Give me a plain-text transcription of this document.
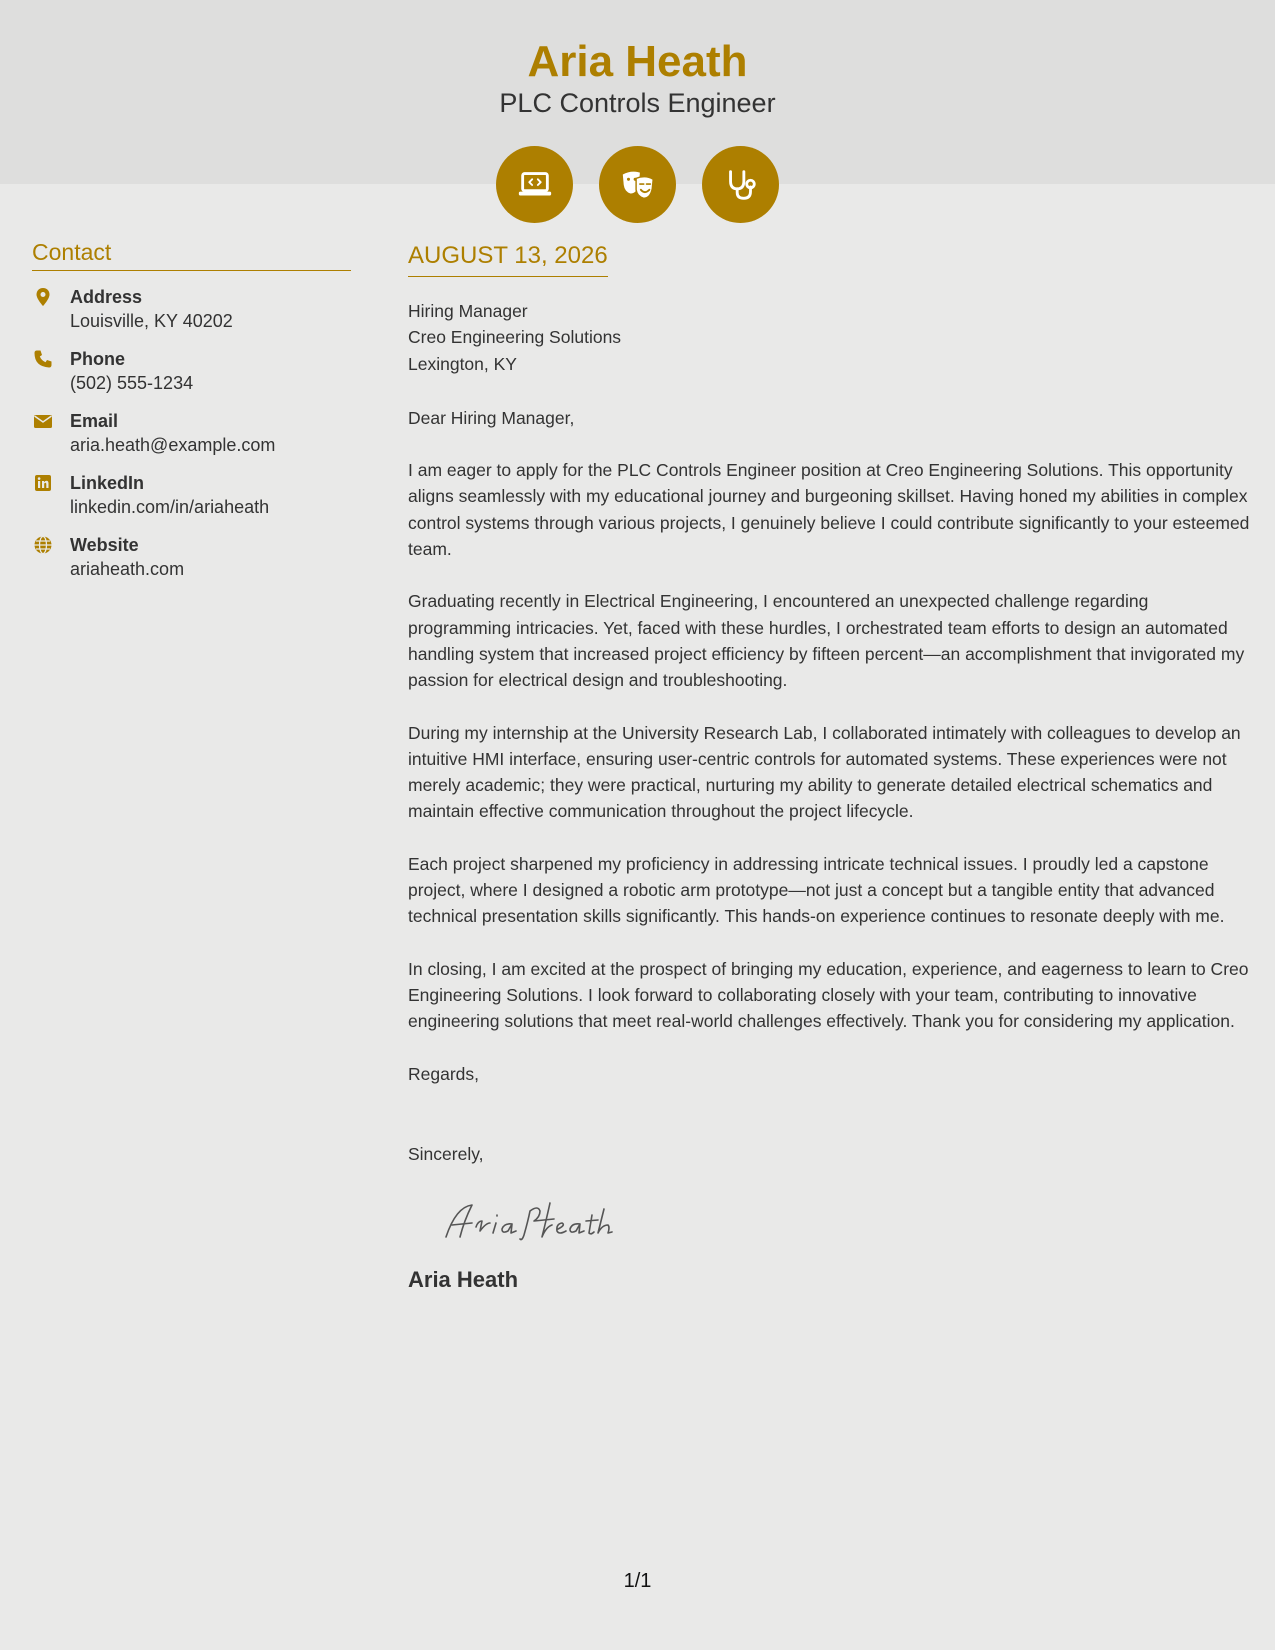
Aria Heath
PLC Controls Engineer
Contact
Address
Louisville, KY 40202
Phone
(502) 555-1234
Email
aria.heath@example.com
LinkedIn
linkedin.com/in/ariaheath
Website
ariaheath.com
AUGUST 13, 2026
Hiring Manager
Creo Engineering Solutions
Lexington, KY
Dear Hiring Manager,
I am eager to apply for the PLC Controls Engineer position at Creo Engineering Solutions. This opportunity aligns seamlessly with my educational journey and burgeoning skillset. Having honed my abilities in complex control systems through various projects, I genuinely believe I could contribute significantly to your esteemed team.
Graduating recently in Electrical Engineering, I encountered an unexpected challenge regarding programming intricacies. Yet, faced with these hurdles, I orchestrated team efforts to design an automated handling system that increased project efficiency by fifteen percent—an accomplishment that invigorated my passion for electrical design and troubleshooting.
During my internship at the University Research Lab, I collaborated intimately with colleagues to develop an intuitive HMI interface, ensuring user-centric controls for automated systems. These experiences were not merely academic; they were practical, nurturing my ability to generate detailed electrical schematics and maintain effective communication throughout the project lifecycle.
Each project sharpened my proficiency in addressing intricate technical issues. I proudly led a capstone project, where I designed a robotic arm prototype—not just a concept but a tangible entity that advanced technical presentation skills significantly. This hands-on experience continues to resonate deeply with me.
In closing, I am excited at the prospect of bringing my education, experience, and eagerness to learn to Creo Engineering Solutions. I look forward to collaborating closely with your team, contributing to innovative engineering solutions that meet real-world challenges effectively. Thank you for considering my application.
Regards,
Sincerely,
Aria Heath
1/1
